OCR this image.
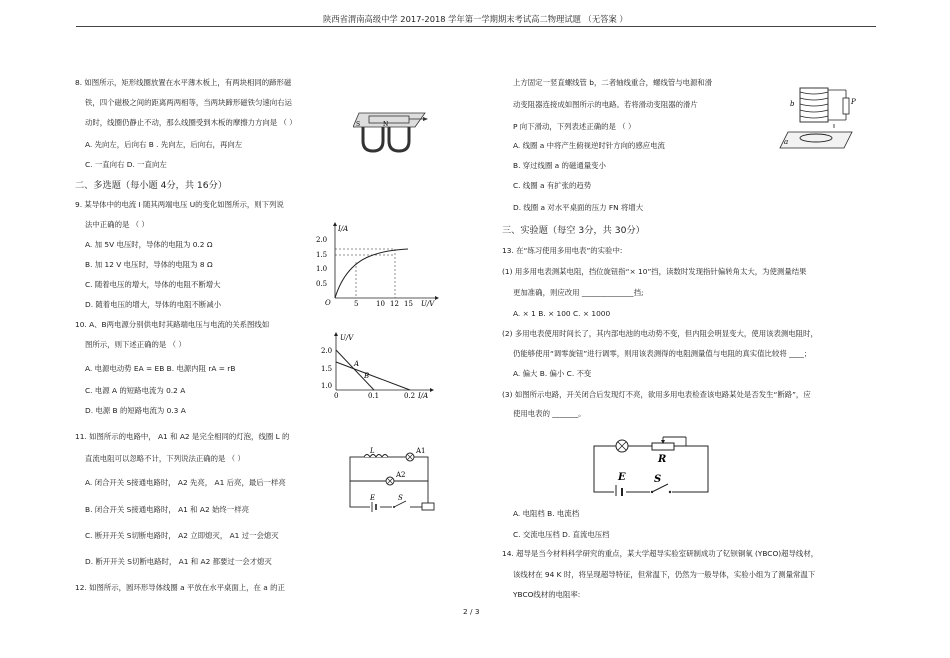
陕西省渭南高级中学 2017-2018 学年第一学期期末考试高二物理试题 （无答案 ）
8. 如图所示，矩形线圈放置在水平薄木板上，有两块相同的蹄形磁
铁，四个磁极之间的距离两两相等，当两块蹄形磁铁匀速向右运
动时，线圈仍静止不动，那么线圈受到木板的摩擦力方向是 （ ）
A. 先向左，后向右 B . 先向左，后向右，再向左
C. 一直向右 D. 一直向左
二、多选题（每小题 4分，共 16分）
9. 某导体中的电流 I 随其两端电压 U的变化如图所示，则下列说
法中正确的是 （ ）
A. 加 5V 电压时，导体的电阻为 0.2 Ω
B. 加 12 V 电压时，导体的电阻为 8 Ω
C. 随着电压的增大，导体的电阻不断增大
D. 随着电压的增大，导体的电阻不断减小
10. A、B两电源分别供电时其路端电压与电流的关系图线如
图所示，则下述正确的是 （ ）
A. 电源电动势 EA = EB B. 电源内阻 rA = rB
C. 电源 A 的短路电流为 0.2 A
D. 电源 B 的短路电流为 0.3 A
11. 如图所示的电路中， A1 和 A2 是完全相同的灯泡，线圈 L 的
直流电阻可以忽略不计，下列说法正确的是 （ ）
A. 闭合开关 S接通电路时， A2 先亮， A1 后亮，最后一样亮
B. 闭合开关 S接通电路时， A1 和 A2 始终一样亮
C. 断开开关 S切断电路时， A2 立即熄灭， A1 过一会熄灭
D. 断开开关 S切断电路时， A1 和 A2 都要过一会才熄灭
12. 如图所示，圆环形导体线圈 a 平放在水平桌面上，在 a 的正
上方固定一竖直螺线管 b，二者轴线重合，螺线管与电源和滑
动变阻器连接成如图所示的电路。若将滑动变阻器的滑片
P 向下滑动，下列表述正确的是 （ ）
A. 线圈 a 中将产生俯视逆时针方向的感应电流
B. 穿过线圈 a 的磁通量变小
C. 线圈 a 有扩张的趋势
D. 线圈 a 对水平桌面的压力 FN 将增大
三、实验题（每空 3分，共 30分）
13. 在“练习使用多用电表”的实验中:
(1) 用多用电表测某电阻，挡位旋钮指“× 10”挡，读数时发现指针偏转角太大，为使测量结果
更加准确，则应改用 ______________挡;
A. × 1 B. × 100 C. × 1000
(2) 多用电表使用时间长了，其内部电池的电动势不变，但内阻会明显变大，使用该表测电阻时，
仍能够使用“调零旋钮”进行调零，则用该表测得的电阻测量值与电阻的真实值比较将 ____；
A. 偏大 B. 偏小 C. 不变
(3) 如图所示电路，开关闭合后发现灯不亮，欲用多用电表检查该电路某处是否发生“断路”，应
使用电表的 _______。
A. 电阻档 B. 电流档
C. 交流电压档 D. 直流电压档
14. 超导是当今材料科学研究的重点，某大学超导实验室研制成功了钇钡铜氧 (YBCO)超导线材，
该线材在 94 K 时，将呈现超导特征，但常温下，仍然为一般导体，实验小组为了测量常温下
YBCO线材的电阻率:
2 / 3
S	N
I/A
U/V
2.0
1.5
1.0
0.5
O	5	10 12 15
U/V
I/A
2.0
1.5
1.0
0	0.1	0.2
A
B
L	A1
A2
E	S
b	P
a
R
E	S
